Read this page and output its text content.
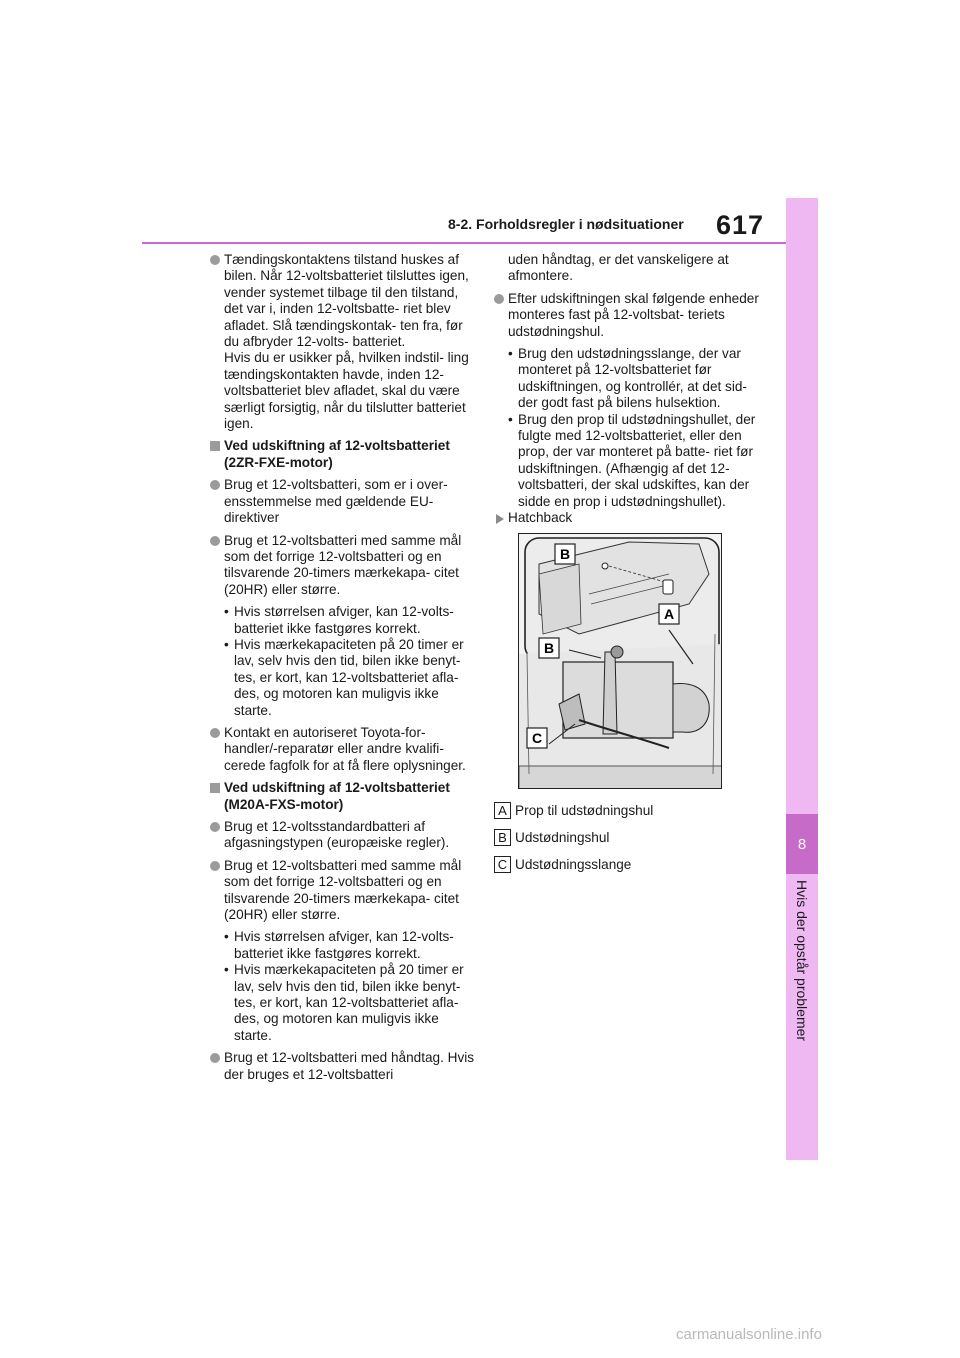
8-2. Forholdsregler i nødsituationer 617
8
Hvis der opstår problemer
Tændingskontaktens tilstand huskes af bilen. Når 12-voltsbatteriet tilsluttes igen, vender systemet tilbage til den tilstand, det var i, inden 12-voltsbatte- riet blev afladet. Slå tændingskontak- ten fra, før du afbryder 12-volts- batteriet.
Hvis du er usikker på, hvilken indstil- ling tændingskontakten havde, inden 12-voltsbatteriet blev afladet, skal du være særligt forsigtig, når du tilslutter batteriet igen.
Ved udskiftning af 12-voltsbatteriet (2ZR-FXE-motor)
Brug et 12-voltsbatteri, som er i over- ensstemmelse med gældende EU-direktiver
Brug et 12-voltsbatteri med samme mål som det forrige 12-voltsbatteri og en tilsvarende 20-timers mærkekapa- citet (20HR) eller større.
• Hvis størrelsen afviger, kan 12-volts- batteriet ikke fastgøres korrekt.
• Hvis mærkekapaciteten på 20 timer er lav, selv hvis den tid, bilen ikke benyt- tes, er kort, kan 12-voltsbatteriet afla- des, og motoren kan muligvis ikke starte.
Kontakt en autoriseret Toyota-for- handler/-reparatør eller andre kvalifi- cerede fagfolk for at få flere oplysninger.
Ved udskiftning af 12-voltsbatteriet (M20A-FXS-motor)
Brug et 12-voltsstandardbatteri af afgasningstypen (europæiske regler).
Brug et 12-voltsbatteri med samme mål som det forrige 12-voltsbatteri og en tilsvarende 20-timers mærkekapa- citet (20HR) eller større.
• Hvis størrelsen afviger, kan 12-volts- batteriet ikke fastgøres korrekt.
• Hvis mærkekapaciteten på 20 timer er lav, selv hvis den tid, bilen ikke benyt- tes, er kort, kan 12-voltsbatteriet afla- des, og motoren kan muligvis ikke starte.
Brug et 12-voltsbatteri med håndtag. Hvis der bruges et 12-voltsbatteri
uden håndtag, er det vanskeligere at afmontere.
Efter udskiftningen skal følgende enheder monteres fast på 12-voltsbat- teriets udstødningshul.
• Brug den udstødningsslange, der var monteret på 12-voltsbatteriet før udskiftningen, og kontrollér, at det sid- der godt fast på bilens hulsektion.
• Brug den prop til udstødningshullet, der fulgte med 12-voltsbatteriet, eller den prop, der var monteret på batte- riet før udskiftningen. (Afhængig af det 12-voltsbatteri, der skal udskiftes, kan der sidde en prop i udstødningshullet).
Hatchback
B
A
B
C
A Prop til udstødningshul
B Udstødningshul
C Udstødningsslange
carmanualsonline.info
